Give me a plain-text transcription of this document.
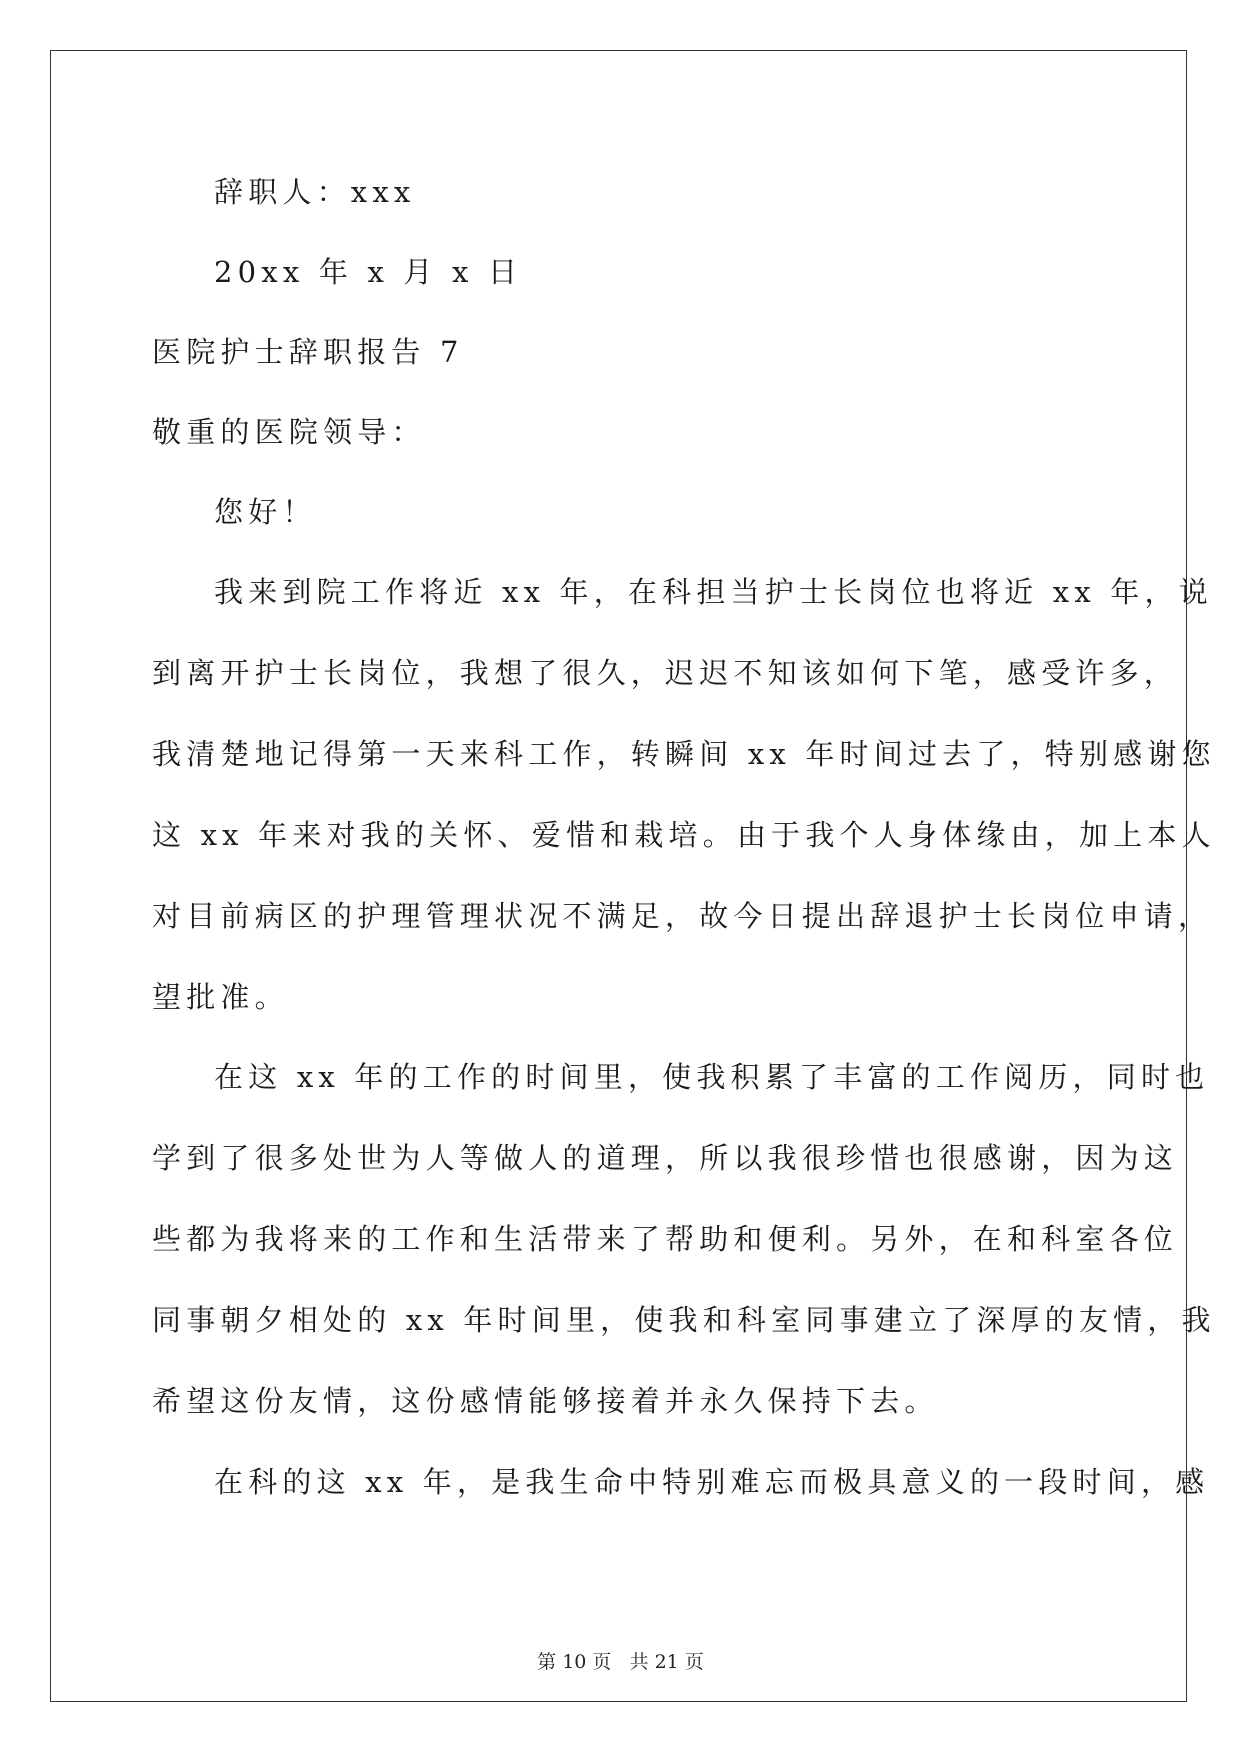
辞职人：xxx
20xx 年 x 月 x 日
医院护士辞职报告 7
敬重的医院领导：
您好！
我来到院工作将近 xx 年，在科担当护士长岗位也将近 xx 年，说
到离开护士长岗位，我想了很久，迟迟不知该如何下笔，感受许多，
我清楚地记得第一天来科工作，转瞬间 xx 年时间过去了，特别感谢您
这 xx 年来对我的关怀、爱惜和栽培。由于我个人身体缘由，加上本人
对目前病区的护理管理状况不满足，故今日提出辞退护士长岗位申请，
望批准。
在这 xx 年的工作的时间里，使我积累了丰富的工作阅历，同时也
学到了很多处世为人等做人的道理，所以我很珍惜也很感谢，因为这
些都为我将来的工作和生活带来了帮助和便利。另外，在和科室各位
同事朝夕相处的 xx 年时间里，使我和科室同事建立了深厚的友情，我
希望这份友情，这份感情能够接着并永久保持下去。
在科的这 xx 年，是我生命中特别难忘而极具意义的一段时间，感
第 10 页   共 21 页
